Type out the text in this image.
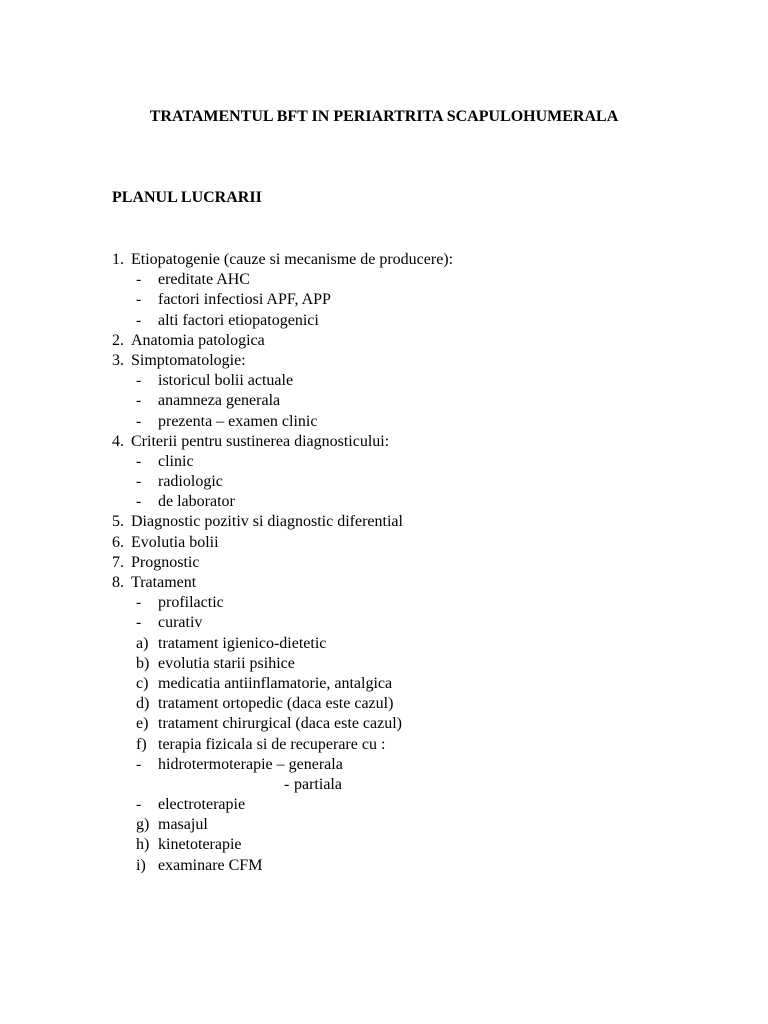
TRATAMENTUL BFT IN PERIARTRITA SCAPULOHUMERALA
PLANUL LUCRARII
1. Etiopatogenie (cauze si mecanisme de producere):
- ereditate AHC
- factori infectiosi APF, APP
- alti factori etiopatogenici
2. Anatomia patologica
3. Simptomatologie:
- istoricul bolii actuale
- anamneza generala
- prezenta – examen clinic
4. Criterii pentru sustinerea diagnosticului:
- clinic
- radiologic
- de laborator
5. Diagnostic pozitiv si diagnostic diferential
6. Evolutia bolii
7. Prognostic
8. Tratament
- profilactic
- curativ
a) tratament igienico-dietetic
b) evolutia starii psihice
c) medicatia antiinflamatorie, antalgica
d) tratament ortopedic (daca este cazul)
e) tratament chirurgical (daca este cazul)
f) terapia fizicala si de recuperare cu :
- hidrotermoterapie – generala
- partiala
- electroterapie
g) masajul
h) kinetoterapie
i) examinare CFM
